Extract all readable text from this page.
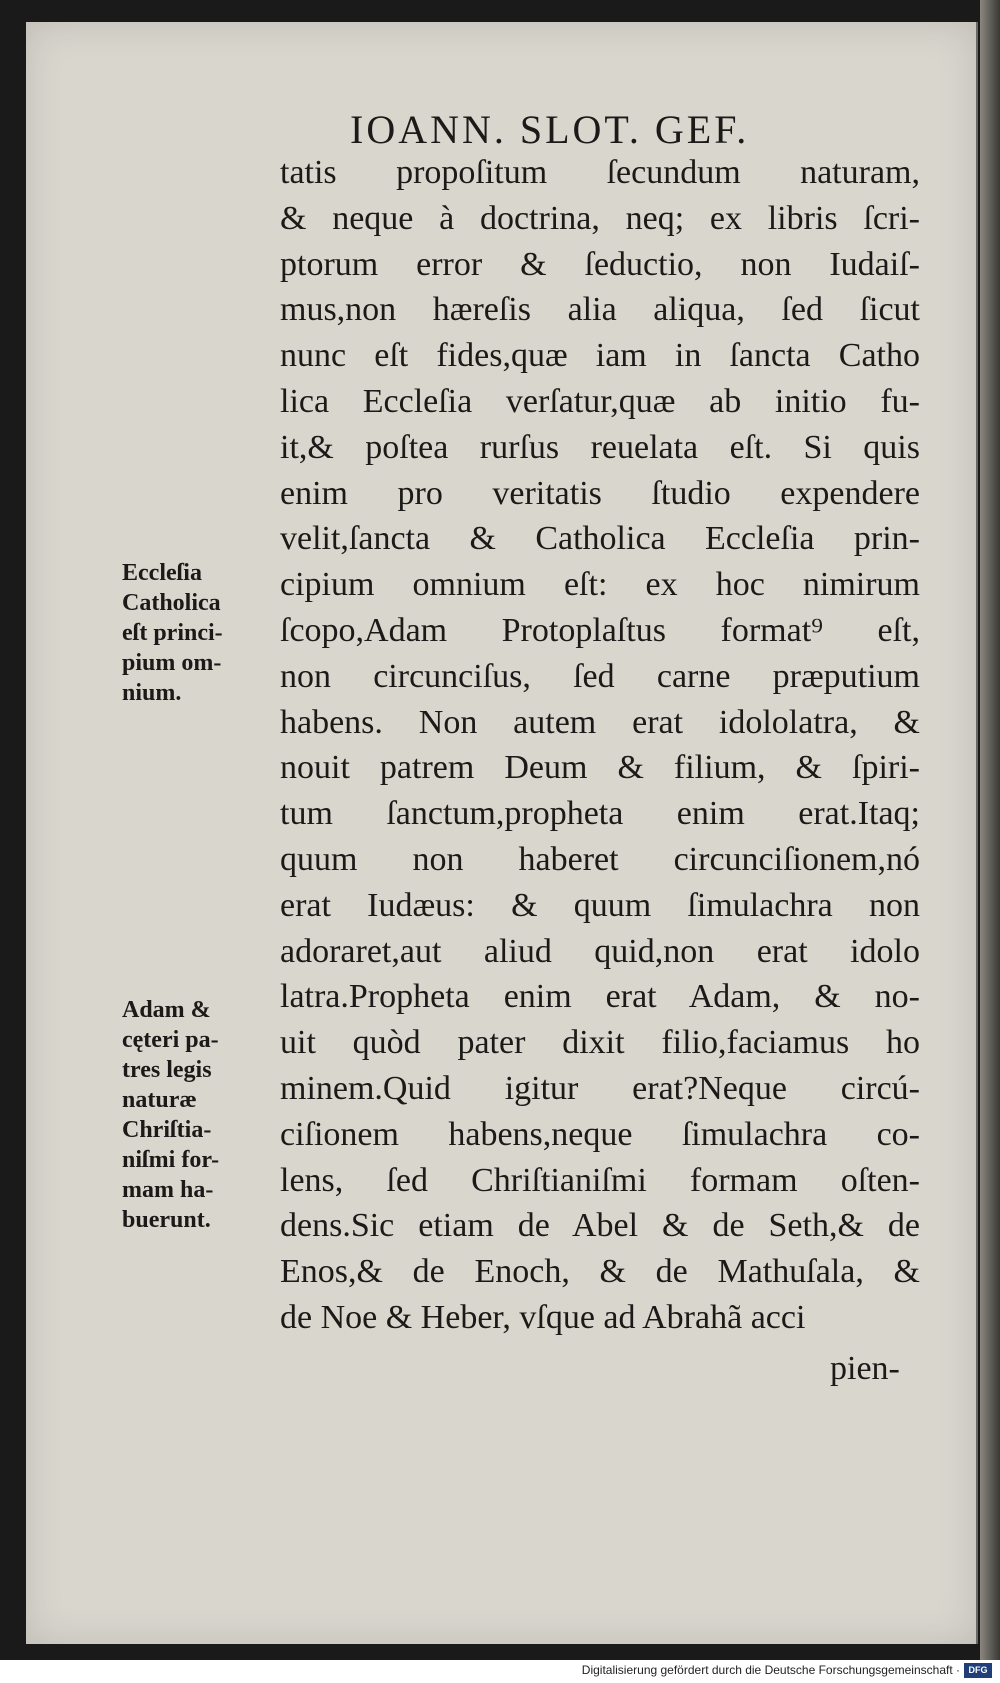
IOANN. SLOT. GEF.
tatis propoſitum ſecundum naturam,
& neque à doctrina, neq; ex libris ſcri-
ptorum error & ſeductio, non Iudaiſ-
mus,non hæreſis alia aliqua, ſed ſicut
nunc eſt fides,quæ iam in ſancta Catho
lica Eccleſia verſatur,quæ ab initio fu-
it,& poſtea rurſus reuelata eſt. Si quis
enim pro veritatis ſtudio expendere
velit,ſancta & Catholica Eccleſia prin-
cipium omnium eſt: ex hoc nimirum
ſcopo,Adam Protoplaſtus format⁹ eſt,
non circunciſus, ſed carne præputium
habens. Non autem erat idololatra, &
nouit patrem Deum & filium, & ſpiri-
tum ſanctum,propheta enim erat.Itaq;
quum non haberet circunciſionem,nó
erat Iudæus: & quum ſimulachra non
adoraret,aut aliud quid,non erat idolo
latra.Propheta enim erat Adam, & no-
uit quòd pater dixit filio,faciamus ho
minem.Quid igitur erat?Neque circú-
ciſionem habens,neque ſimulachra co-
lens, ſed Chriſtianiſmi formam oſten-
dens.Sic etiam de Abel & de Seth,& de
Enos,& de Enoch, & de Mathuſala, &
de Noe & Heber, vſque ad Abrahã acci
pien-
Eccleſia
Catholica
eſt princi-
pium om-
nium.
Adam &
cęteri pa-
tres legis
naturæ
Chriſtia-
niſmi for-
mam ha-
buerunt.
Digitalisierung gefördert durch die Deutsche Forschungsgemeinschaft · DFG
